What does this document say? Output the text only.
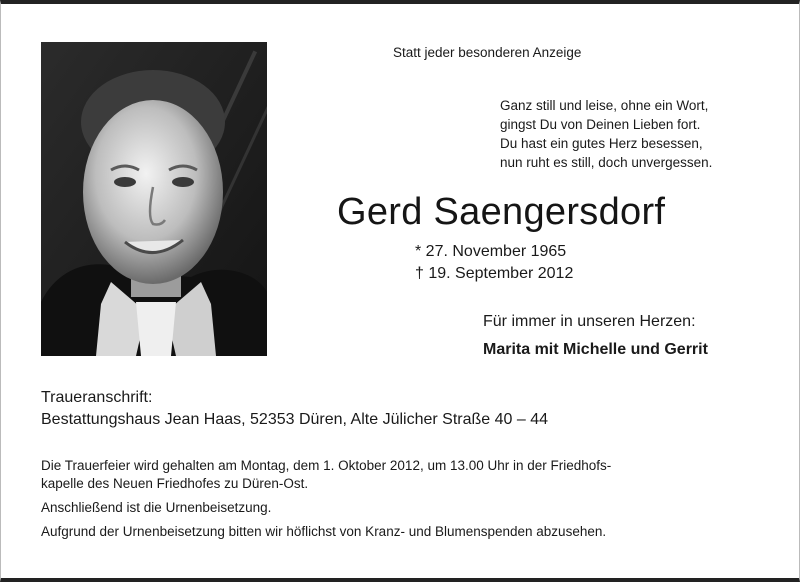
Statt jeder besonderen Anzeige
Ganz still und leise, ohne ein Wort,
gingst Du von Deinen Lieben fort.
Du hast ein gutes Herz besessen,
nun ruht es still, doch unvergessen.
Gerd Saengersdorf
* 27. November 1965
† 19. September 2012
Für immer in unseren Herzen:
Marita mit Michelle und Gerrit
Traueranschrift:
Bestattungshaus Jean Haas, 52353 Düren, Alte Jülicher Straße 40 – 44
Die Trauerfeier wird gehalten am Montag, dem 1. Oktober 2012, um 13.00 Uhr in der Friedhofs-
kapelle des Neuen Friedhofes zu Düren-Ost.
Anschließend ist die Urnenbeisetzung.
Aufgrund der Urnenbeisetzung bitten wir höflichst von Kranz- und Blumenspenden abzusehen.
